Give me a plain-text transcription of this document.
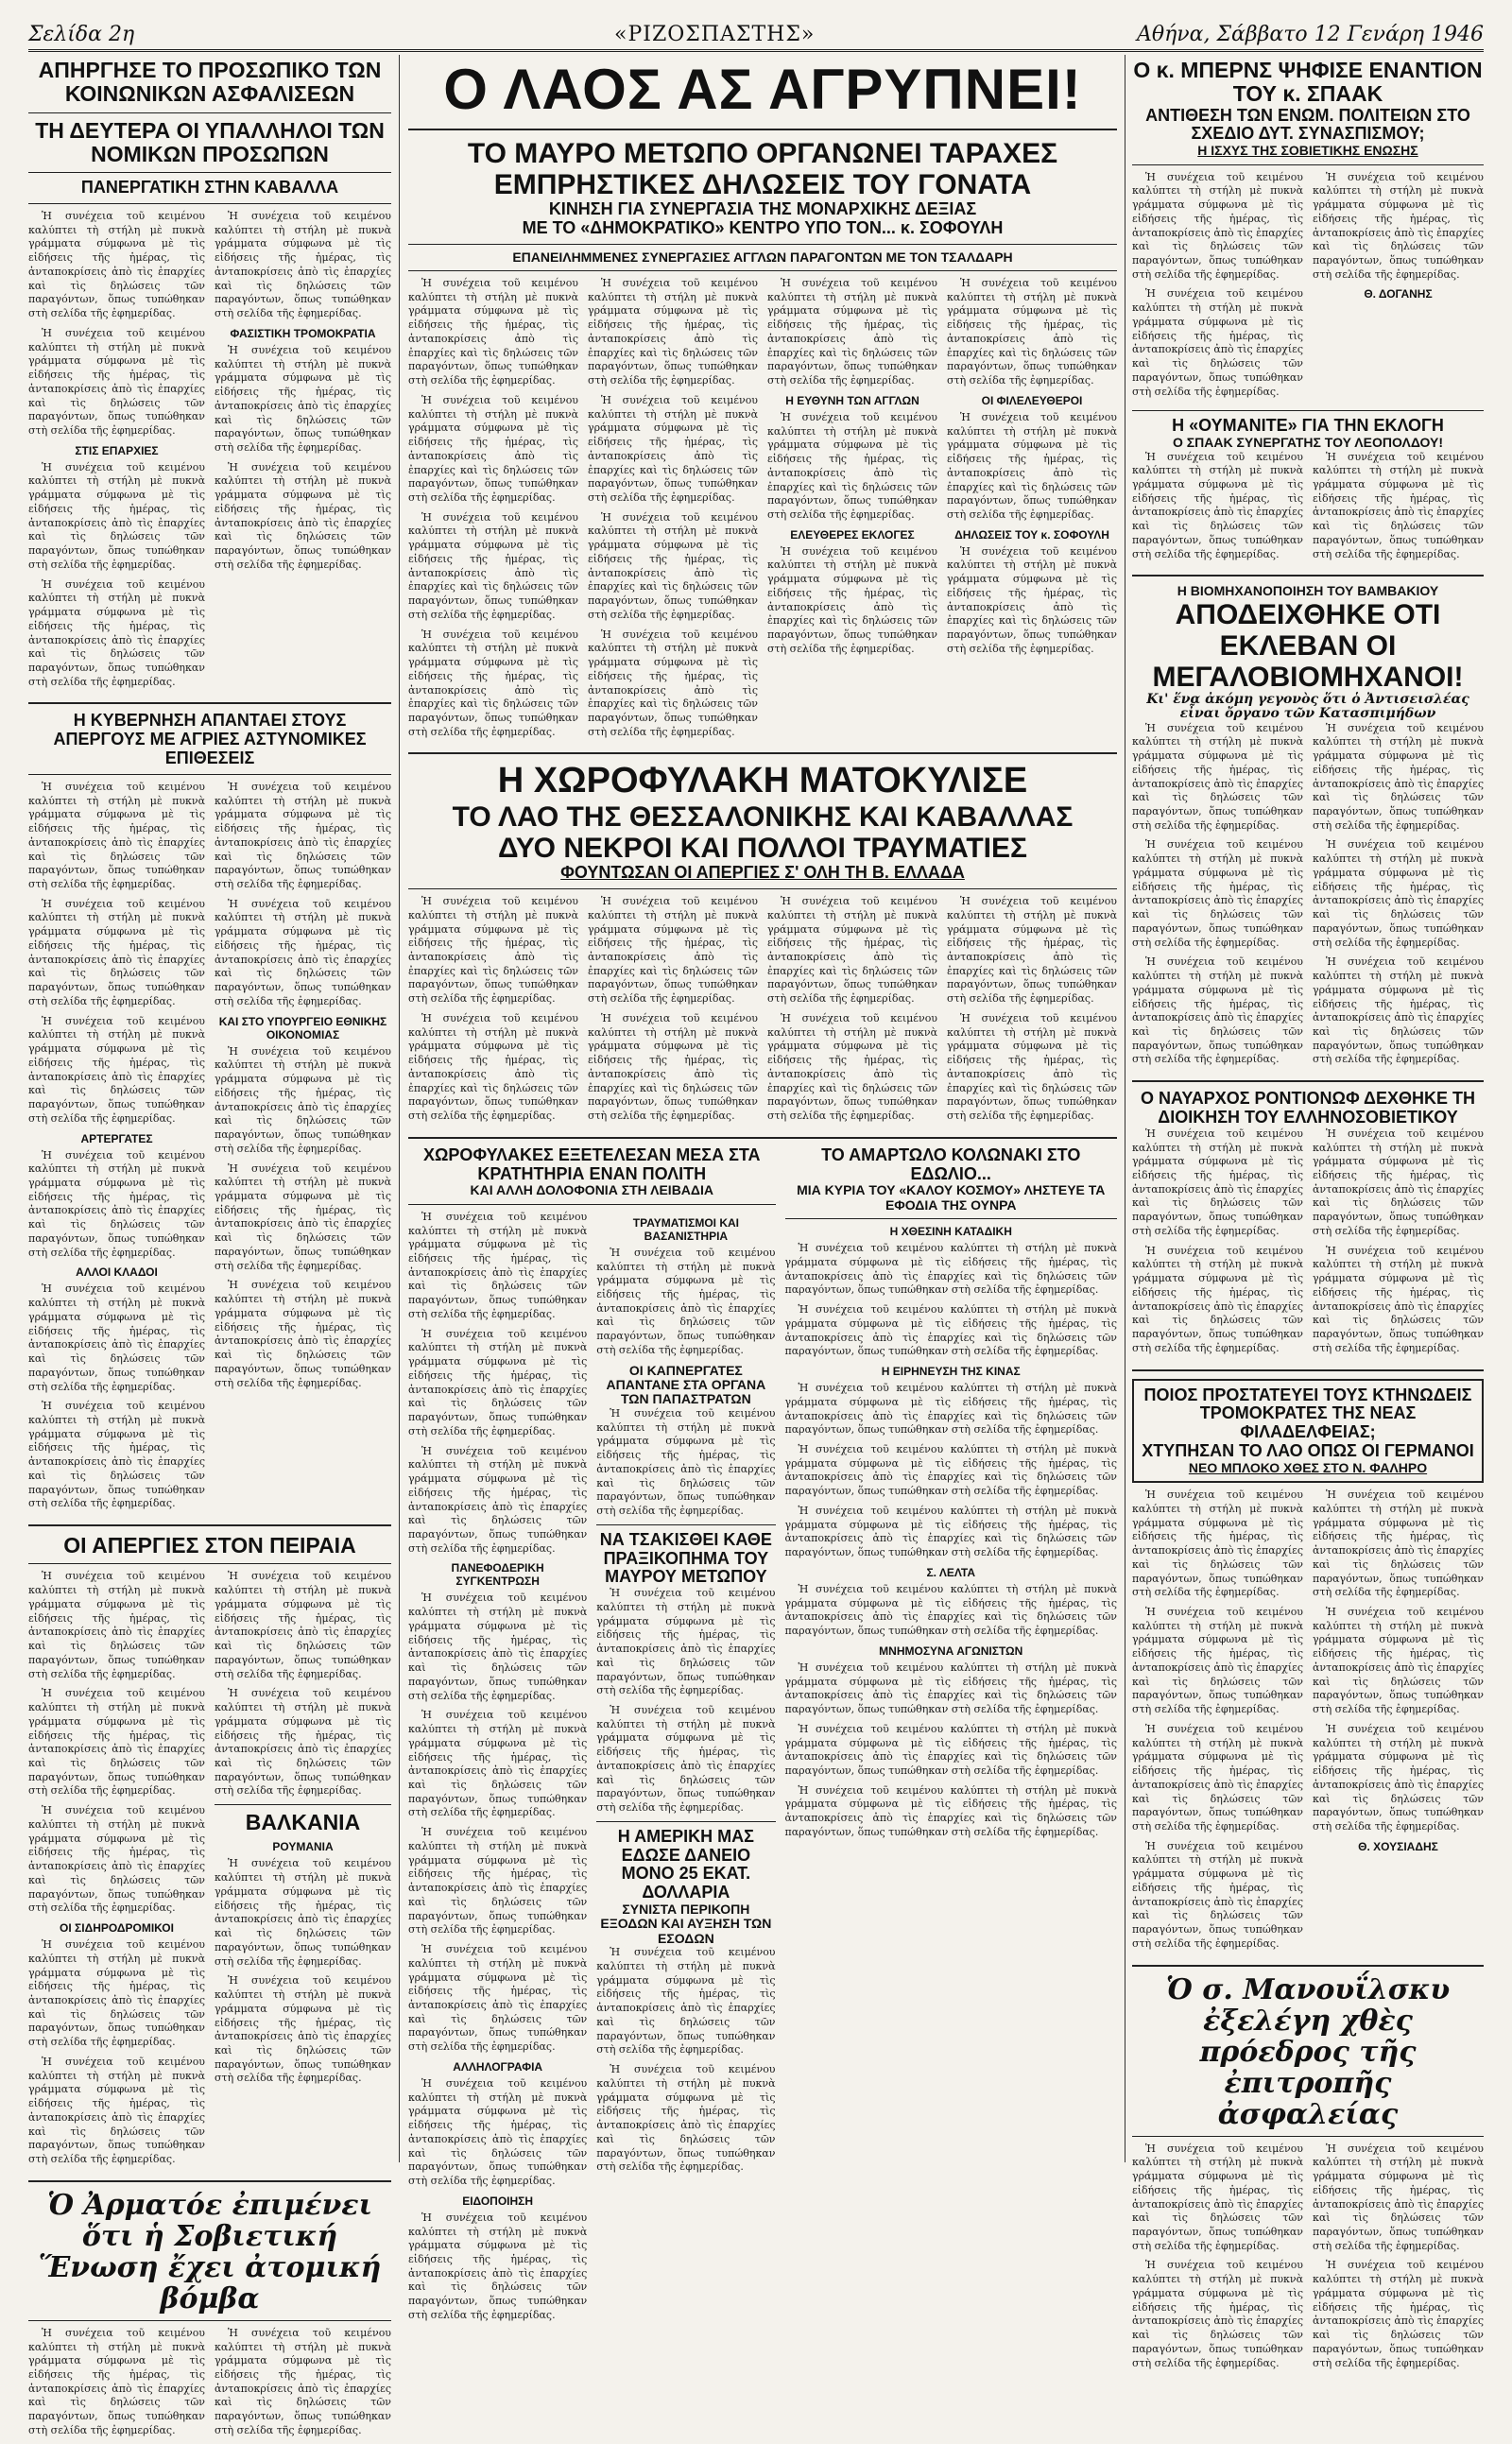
Σελίδα 2η	«ΡΙΖΟΣΠΑΣΤΗΣ»	Αθήνα, Σάββατο 12 Γενάρη 1946
ΑΠΗΡΓΗΣΕ ΤΟ ΠΡΟΣΩΠΙΚΟ ΤΩΝ ΚΟΙΝΩΝΙΚΩΝ ΑΣΦΑΛΙΣΕΩΝ
ΤΗ ΔΕΥΤΕΡΑ ΟΙ ΥΠΑΛΛΗΛΟΙ ΤΩΝ ΝΟΜΙΚΩΝ ΠΡΟΣΩΠΩΝ
ΠΑΝΕΡΓΑΤΙΚΗ ΣΤΗΝ ΚΑΒΑΛΛΑ

Ἡ συνέχεια τοῦ κειμένου καλύπτει τὴ στήλη μὲ πυκνὰ γράμματα σύμφωνα μὲ τὶς εἰδήσεις τῆς ἡμέρας, τὶς ἀνταποκρίσεις ἀπὸ τὶς ἐπαρχίες καὶ τὶς δηλώσεις τῶν παραγόντων, ὅπως τυπώθηκαν στὴ σελίδα τῆς ἐφημερίδας.

Ἡ συνέχεια τοῦ κειμένου καλύπτει τὴ στήλη μὲ πυκνὰ γράμματα σύμφωνα μὲ τὶς εἰδήσεις τῆς ἡμέρας, τὶς ἀνταποκρίσεις ἀπὸ τὶς ἐπαρχίες καὶ τὶς δηλώσεις τῶν παραγόντων, ὅπως τυπώθηκαν στὴ σελίδα τῆς ἐφημερίδας.

ΣΤΙΣ ΕΠΑΡΧΙΕΣ

Ἡ συνέχεια τοῦ κειμένου καλύπτει τὴ στήλη μὲ πυκνὰ γράμματα σύμφωνα μὲ τὶς εἰδήσεις τῆς ἡμέρας, τὶς ἀνταποκρίσεις ἀπὸ τὶς ἐπαρχίες καὶ τὶς δηλώσεις τῶν παραγόντων, ὅπως τυπώθηκαν στὴ σελίδα τῆς ἐφημερίδας.

Ἡ συνέχεια τοῦ κειμένου καλύπτει τὴ στήλη μὲ πυκνὰ γράμματα σύμφωνα μὲ τὶς εἰδήσεις τῆς ἡμέρας, τὶς ἀνταποκρίσεις ἀπὸ τὶς ἐπαρχίες καὶ τὶς δηλώσεις τῶν παραγόντων, ὅπως τυπώθηκαν στὴ σελίδα τῆς ἐφημερίδας.

Ἡ συνέχεια τοῦ κειμένου καλύπτει τὴ στήλη μὲ πυκνὰ γράμματα σύμφωνα μὲ τὶς εἰδήσεις τῆς ἡμέρας, τὶς ἀνταποκρίσεις ἀπὸ τὶς ἐπαρχίες καὶ τὶς δηλώσεις τῶν παραγόντων, ὅπως τυπώθηκαν στὴ σελίδα τῆς ἐφημερίδας.

ΦΑΣΙΣΤΙΚΗ ΤΡΟΜΟΚΡΑΤΙΑ

Ἡ συνέχεια τοῦ κειμένου καλύπτει τὴ στήλη μὲ πυκνὰ γράμματα σύμφωνα μὲ τὶς εἰδήσεις τῆς ἡμέρας, τὶς ἀνταποκρίσεις ἀπὸ τὶς ἐπαρχίες καὶ τὶς δηλώσεις τῶν παραγόντων, ὅπως τυπώθηκαν στὴ σελίδα τῆς ἐφημερίδας.

Ἡ συνέχεια τοῦ κειμένου καλύπτει τὴ στήλη μὲ πυκνὰ γράμματα σύμφωνα μὲ τὶς εἰδήσεις τῆς ἡμέρας, τὶς ἀνταποκρίσεις ἀπὸ τὶς ἐπαρχίες καὶ τὶς δηλώσεις τῶν παραγόντων, ὅπως τυπώθηκαν στὴ σελίδα τῆς ἐφημερίδας.

Η ΚΥΒΕΡΝΗΣΗ ΑΠΑΝΤΑΕΙ ΣΤΟΥΣ ΑΠΕΡΓΟΥΣ ΜΕ ΑΓΡΙΕΣ ΑΣΤΥΝΟΜΙΚΕΣ ΕΠΙΘΕΣΕΙΣ

Ἡ συνέχεια τοῦ κειμένου καλύπτει τὴ στήλη μὲ πυκνὰ γράμματα σύμφωνα μὲ τὶς εἰδήσεις τῆς ἡμέρας, τὶς ἀνταποκρίσεις ἀπὸ τὶς ἐπαρχίες καὶ τὶς δηλώσεις τῶν παραγόντων, ὅπως τυπώθηκαν στὴ σελίδα τῆς ἐφημερίδας.

Ἡ συνέχεια τοῦ κειμένου καλύπτει τὴ στήλη μὲ πυκνὰ γράμματα σύμφωνα μὲ τὶς εἰδήσεις τῆς ἡμέρας, τὶς ἀνταποκρίσεις ἀπὸ τὶς ἐπαρχίες καὶ τὶς δηλώσεις τῶν παραγόντων, ὅπως τυπώθηκαν στὴ σελίδα τῆς ἐφημερίδας.

Ἡ συνέχεια τοῦ κειμένου καλύπτει τὴ στήλη μὲ πυκνὰ γράμματα σύμφωνα μὲ τὶς εἰδήσεις τῆς ἡμέρας, τὶς ἀνταποκρίσεις ἀπὸ τὶς ἐπαρχίες καὶ τὶς δηλώσεις τῶν παραγόντων, ὅπως τυπώθηκαν στὴ σελίδα τῆς ἐφημερίδας.

ΑΡΤΕΡΓΑΤΕΣ

Ἡ συνέχεια τοῦ κειμένου καλύπτει τὴ στήλη μὲ πυκνὰ γράμματα σύμφωνα μὲ τὶς εἰδήσεις τῆς ἡμέρας, τὶς ἀνταποκρίσεις ἀπὸ τὶς ἐπαρχίες καὶ τὶς δηλώσεις τῶν παραγόντων, ὅπως τυπώθηκαν στὴ σελίδα τῆς ἐφημερίδας.

ΑΛΛΟΙ ΚΛΑΔΟΙ

Ἡ συνέχεια τοῦ κειμένου καλύπτει τὴ στήλη μὲ πυκνὰ γράμματα σύμφωνα μὲ τὶς εἰδήσεις τῆς ἡμέρας, τὶς ἀνταποκρίσεις ἀπὸ τὶς ἐπαρχίες καὶ τὶς δηλώσεις τῶν παραγόντων, ὅπως τυπώθηκαν στὴ σελίδα τῆς ἐφημερίδας.

Ἡ συνέχεια τοῦ κειμένου καλύπτει τὴ στήλη μὲ πυκνὰ γράμματα σύμφωνα μὲ τὶς εἰδήσεις τῆς ἡμέρας, τὶς ἀνταποκρίσεις ἀπὸ τὶς ἐπαρχίες καὶ τὶς δηλώσεις τῶν παραγόντων, ὅπως τυπώθηκαν στὴ σελίδα τῆς ἐφημερίδας.

Ἡ συνέχεια τοῦ κειμένου καλύπτει τὴ στήλη μὲ πυκνὰ γράμματα σύμφωνα μὲ τὶς εἰδήσεις τῆς ἡμέρας, τὶς ἀνταποκρίσεις ἀπὸ τὶς ἐπαρχίες καὶ τὶς δηλώσεις τῶν παραγόντων, ὅπως τυπώθηκαν στὴ σελίδα τῆς ἐφημερίδας.

Ἡ συνέχεια τοῦ κειμένου καλύπτει τὴ στήλη μὲ πυκνὰ γράμματα σύμφωνα μὲ τὶς εἰδήσεις τῆς ἡμέρας, τὶς ἀνταποκρίσεις ἀπὸ τὶς ἐπαρχίες καὶ τὶς δηλώσεις τῶν παραγόντων, ὅπως τυπώθηκαν στὴ σελίδα τῆς ἐφημερίδας.

ΚΑΙ ΣΤΟ ΥΠΟΥΡΓΕΙΟ ΕΘΝΙΚΗΣ ΟΙΚΟΝΟΜΙΑΣ

Ἡ συνέχεια τοῦ κειμένου καλύπτει τὴ στήλη μὲ πυκνὰ γράμματα σύμφωνα μὲ τὶς εἰδήσεις τῆς ἡμέρας, τὶς ἀνταποκρίσεις ἀπὸ τὶς ἐπαρχίες καὶ τὶς δηλώσεις τῶν παραγόντων, ὅπως τυπώθηκαν στὴ σελίδα τῆς ἐφημερίδας.

Ἡ συνέχεια τοῦ κειμένου καλύπτει τὴ στήλη μὲ πυκνὰ γράμματα σύμφωνα μὲ τὶς εἰδήσεις τῆς ἡμέρας, τὶς ἀνταποκρίσεις ἀπὸ τὶς ἐπαρχίες καὶ τὶς δηλώσεις τῶν παραγόντων, ὅπως τυπώθηκαν στὴ σελίδα τῆς ἐφημερίδας.

Ἡ συνέχεια τοῦ κειμένου καλύπτει τὴ στήλη μὲ πυκνὰ γράμματα σύμφωνα μὲ τὶς εἰδήσεις τῆς ἡμέρας, τὶς ἀνταποκρίσεις ἀπὸ τὶς ἐπαρχίες καὶ τὶς δηλώσεις τῶν παραγόντων, ὅπως τυπώθηκαν στὴ σελίδα τῆς ἐφημερίδας.

ΟΙ ΑΠΕΡΓΙΕΣ ΣΤΟΝ ΠΕΙΡΑΙΑ

Ἡ συνέχεια τοῦ κειμένου καλύπτει τὴ στήλη μὲ πυκνὰ γράμματα σύμφωνα μὲ τὶς εἰδήσεις τῆς ἡμέρας, τὶς ἀνταποκρίσεις ἀπὸ τὶς ἐπαρχίες καὶ τὶς δηλώσεις τῶν παραγόντων, ὅπως τυπώθηκαν στὴ σελίδα τῆς ἐφημερίδας.

Ἡ συνέχεια τοῦ κειμένου καλύπτει τὴ στήλη μὲ πυκνὰ γράμματα σύμφωνα μὲ τὶς εἰδήσεις τῆς ἡμέρας, τὶς ἀνταποκρίσεις ἀπὸ τὶς ἐπαρχίες καὶ τὶς δηλώσεις τῶν παραγόντων, ὅπως τυπώθηκαν στὴ σελίδα τῆς ἐφημερίδας.

Ἡ συνέχεια τοῦ κειμένου καλύπτει τὴ στήλη μὲ πυκνὰ γράμματα σύμφωνα μὲ τὶς εἰδήσεις τῆς ἡμέρας, τὶς ἀνταποκρίσεις ἀπὸ τὶς ἐπαρχίες καὶ τὶς δηλώσεις τῶν παραγόντων, ὅπως τυπώθηκαν στὴ σελίδα τῆς ἐφημερίδας.

ΟΙ ΣΙΔΗΡΟΔΡΟΜΙΚΟΙ

Ἡ συνέχεια τοῦ κειμένου καλύπτει τὴ στήλη μὲ πυκνὰ γράμματα σύμφωνα μὲ τὶς εἰδήσεις τῆς ἡμέρας, τὶς ἀνταποκρίσεις ἀπὸ τὶς ἐπαρχίες καὶ τὶς δηλώσεις τῶν παραγόντων, ὅπως τυπώθηκαν στὴ σελίδα τῆς ἐφημερίδας.

Ἡ συνέχεια τοῦ κειμένου καλύπτει τὴ στήλη μὲ πυκνὰ γράμματα σύμφωνα μὲ τὶς εἰδήσεις τῆς ἡμέρας, τὶς ἀνταποκρίσεις ἀπὸ τὶς ἐπαρχίες καὶ τὶς δηλώσεις τῶν παραγόντων, ὅπως τυπώθηκαν στὴ σελίδα τῆς ἐφημερίδας.

Ἡ συνέχεια τοῦ κειμένου καλύπτει τὴ στήλη μὲ πυκνὰ γράμματα σύμφωνα μὲ τὶς εἰδήσεις τῆς ἡμέρας, τὶς ἀνταποκρίσεις ἀπὸ τὶς ἐπαρχίες καὶ τὶς δηλώσεις τῶν παραγόντων, ὅπως τυπώθηκαν στὴ σελίδα τῆς ἐφημερίδας.

Ἡ συνέχεια τοῦ κειμένου καλύπτει τὴ στήλη μὲ πυκνὰ γράμματα σύμφωνα μὲ τὶς εἰδήσεις τῆς ἡμέρας, τὶς ἀνταποκρίσεις ἀπὸ τὶς ἐπαρχίες καὶ τὶς δηλώσεις τῶν παραγόντων, ὅπως τυπώθηκαν στὴ σελίδα τῆς ἐφημερίδας.

ΒΑΛΚΑΝΙΑ
ΡΟΥΜΑΝΙΑ

Ἡ συνέχεια τοῦ κειμένου καλύπτει τὴ στήλη μὲ πυκνὰ γράμματα σύμφωνα μὲ τὶς εἰδήσεις τῆς ἡμέρας, τὶς ἀνταποκρίσεις ἀπὸ τὶς ἐπαρχίες καὶ τὶς δηλώσεις τῶν παραγόντων, ὅπως τυπώθηκαν στὴ σελίδα τῆς ἐφημερίδας.

Ἡ συνέχεια τοῦ κειμένου καλύπτει τὴ στήλη μὲ πυκνὰ γράμματα σύμφωνα μὲ τὶς εἰδήσεις τῆς ἡμέρας, τὶς ἀνταποκρίσεις ἀπὸ τὶς ἐπαρχίες καὶ τὶς δηλώσεις τῶν παραγόντων, ὅπως τυπώθηκαν στὴ σελίδα τῆς ἐφημερίδας.

Ὁ Ἀρματόε ἐπιμένει ὅτι ἡ Σοβιετική Ἕνωση ἔχει ἀτομική βόμβα

Ἡ συνέχεια τοῦ κειμένου καλύπτει τὴ στήλη μὲ πυκνὰ γράμματα σύμφωνα μὲ τὶς εἰδήσεις τῆς ἡμέρας, τὶς ἀνταποκρίσεις ἀπὸ τὶς ἐπαρχίες καὶ τὶς δηλώσεις τῶν παραγόντων, ὅπως τυπώθηκαν στὴ σελίδα τῆς ἐφημερίδας.

Ἡ συνέχεια τοῦ κειμένου καλύπτει τὴ στήλη μὲ πυκνὰ γράμματα σύμφωνα μὲ τὶς εἰδήσεις τῆς ἡμέρας, τὶς ἀνταποκρίσεις ἀπὸ τὶς ἐπαρχίες καὶ τὶς δηλώσεις τῶν παραγόντων, ὅπως τυπώθηκαν στὴ σελίδα τῆς ἐφημερίδας.

Ο ΛΑΟΣ ΑΣ ΑΓΡΥΠΝΕΙ!
ΤΟ ΜΑΥΡΟ ΜΕΤΩΠΟ ΟΡΓΑΝΩΝΕΙ ΤΑΡΑΧΕΣ
ΕΜΠΡΗΣΤΙΚΕΣ ΔΗΛΩΣΕΙΣ ΤΟΥ ΓΟΝΑΤΑ
ΚΙΝΗΣΗ ΓΙΑ ΣΥΝΕΡΓΑΣΙΑ ΤΗΣ ΜΟΝΑΡΧΙΚΗΣ ΔΕΞΙΑΣ
ΜΕ ΤΟ «ΔΗΜΟΚΡΑΤΙΚΟ» ΚΕΝΤΡΟ ΥΠΟ ΤΟΝ... κ. ΣΟΦΟΥΛΗ
ΕΠΑΝΕΙΛΗΜΜΕΝΕΣ ΣΥΝΕΡΓΑΣΙΕΣ ΑΓΓΛΩΝ ΠΑΡΑΓΟΝΤΩΝ ΜΕ ΤΟΝ ΤΣΑΛΔΑΡΗ

Ἡ συνέχεια τοῦ κειμένου καλύπτει τὴ στήλη μὲ πυκνὰ γράμματα σύμφωνα μὲ τὶς εἰδήσεις τῆς ἡμέρας, τὶς ἀνταποκρίσεις ἀπὸ τὶς ἐπαρχίες καὶ τὶς δηλώσεις τῶν παραγόντων, ὅπως τυπώθηκαν στὴ σελίδα τῆς ἐφημερίδας.

Ἡ συνέχεια τοῦ κειμένου καλύπτει τὴ στήλη μὲ πυκνὰ γράμματα σύμφωνα μὲ τὶς εἰδήσεις τῆς ἡμέρας, τὶς ἀνταποκρίσεις ἀπὸ τὶς ἐπαρχίες καὶ τὶς δηλώσεις τῶν παραγόντων, ὅπως τυπώθηκαν στὴ σελίδα τῆς ἐφημερίδας.

Ἡ συνέχεια τοῦ κειμένου καλύπτει τὴ στήλη μὲ πυκνὰ γράμματα σύμφωνα μὲ τὶς εἰδήσεις τῆς ἡμέρας, τὶς ἀνταποκρίσεις ἀπὸ τὶς ἐπαρχίες καὶ τὶς δηλώσεις τῶν παραγόντων, ὅπως τυπώθηκαν στὴ σελίδα τῆς ἐφημερίδας.

Ἡ συνέχεια τοῦ κειμένου καλύπτει τὴ στήλη μὲ πυκνὰ γράμματα σύμφωνα μὲ τὶς εἰδήσεις τῆς ἡμέρας, τὶς ἀνταποκρίσεις ἀπὸ τὶς ἐπαρχίες καὶ τὶς δηλώσεις τῶν παραγόντων, ὅπως τυπώθηκαν στὴ σελίδα τῆς ἐφημερίδας.

Ἡ συνέχεια τοῦ κειμένου καλύπτει τὴ στήλη μὲ πυκνὰ γράμματα σύμφωνα μὲ τὶς εἰδήσεις τῆς ἡμέρας, τὶς ἀνταποκρίσεις ἀπὸ τὶς ἐπαρχίες καὶ τὶς δηλώσεις τῶν παραγόντων, ὅπως τυπώθηκαν στὴ σελίδα τῆς ἐφημερίδας.

Ἡ συνέχεια τοῦ κειμένου καλύπτει τὴ στήλη μὲ πυκνὰ γράμματα σύμφωνα μὲ τὶς εἰδήσεις τῆς ἡμέρας, τὶς ἀνταποκρίσεις ἀπὸ τὶς ἐπαρχίες καὶ τὶς δηλώσεις τῶν παραγόντων, ὅπως τυπώθηκαν στὴ σελίδα τῆς ἐφημερίδας.

Ἡ συνέχεια τοῦ κειμένου καλύπτει τὴ στήλη μὲ πυκνὰ γράμματα σύμφωνα μὲ τὶς εἰδήσεις τῆς ἡμέρας, τὶς ἀνταποκρίσεις ἀπὸ τὶς ἐπαρχίες καὶ τὶς δηλώσεις τῶν παραγόντων, ὅπως τυπώθηκαν στὴ σελίδα τῆς ἐφημερίδας.

Ἡ συνέχεια τοῦ κειμένου καλύπτει τὴ στήλη μὲ πυκνὰ γράμματα σύμφωνα μὲ τὶς εἰδήσεις τῆς ἡμέρας, τὶς ἀνταποκρίσεις ἀπὸ τὶς ἐπαρχίες καὶ τὶς δηλώσεις τῶν παραγόντων, ὅπως τυπώθηκαν στὴ σελίδα τῆς ἐφημερίδας.

Ἡ συνέχεια τοῦ κειμένου καλύπτει τὴ στήλη μὲ πυκνὰ γράμματα σύμφωνα μὲ τὶς εἰδήσεις τῆς ἡμέρας, τὶς ἀνταποκρίσεις ἀπὸ τὶς ἐπαρχίες καὶ τὶς δηλώσεις τῶν παραγόντων, ὅπως τυπώθηκαν στὴ σελίδα τῆς ἐφημερίδας.

Η ΕΥΘΥΝΗ ΤΩΝ ΑΓΓΛΩΝ

Ἡ συνέχεια τοῦ κειμένου καλύπτει τὴ στήλη μὲ πυκνὰ γράμματα σύμφωνα μὲ τὶς εἰδήσεις τῆς ἡμέρας, τὶς ἀνταποκρίσεις ἀπὸ τὶς ἐπαρχίες καὶ τὶς δηλώσεις τῶν παραγόντων, ὅπως τυπώθηκαν στὴ σελίδα τῆς ἐφημερίδας.

ΕΛΕΥΘΕΡΕΣ ΕΚΛΟΓΕΣ

Ἡ συνέχεια τοῦ κειμένου καλύπτει τὴ στήλη μὲ πυκνὰ γράμματα σύμφωνα μὲ τὶς εἰδήσεις τῆς ἡμέρας, τὶς ἀνταποκρίσεις ἀπὸ τὶς ἐπαρχίες καὶ τὶς δηλώσεις τῶν παραγόντων, ὅπως τυπώθηκαν στὴ σελίδα τῆς ἐφημερίδας.

Ἡ συνέχεια τοῦ κειμένου καλύπτει τὴ στήλη μὲ πυκνὰ γράμματα σύμφωνα μὲ τὶς εἰδήσεις τῆς ἡμέρας, τὶς ἀνταποκρίσεις ἀπὸ τὶς ἐπαρχίες καὶ τὶς δηλώσεις τῶν παραγόντων, ὅπως τυπώθηκαν στὴ σελίδα τῆς ἐφημερίδας.

ΟΙ ΦΙΛΕΛΕΥΘΕΡΟΙ

Ἡ συνέχεια τοῦ κειμένου καλύπτει τὴ στήλη μὲ πυκνὰ γράμματα σύμφωνα μὲ τὶς εἰδήσεις τῆς ἡμέρας, τὶς ἀνταποκρίσεις ἀπὸ τὶς ἐπαρχίες καὶ τὶς δηλώσεις τῶν παραγόντων, ὅπως τυπώθηκαν στὴ σελίδα τῆς ἐφημερίδας.

ΔΗΛΩΣΕΙΣ ΤΟΥ κ. ΣΟΦΟΥΛΗ

Ἡ συνέχεια τοῦ κειμένου καλύπτει τὴ στήλη μὲ πυκνὰ γράμματα σύμφωνα μὲ τὶς εἰδήσεις τῆς ἡμέρας, τὶς ἀνταποκρίσεις ἀπὸ τὶς ἐπαρχίες καὶ τὶς δηλώσεις τῶν παραγόντων, ὅπως τυπώθηκαν στὴ σελίδα τῆς ἐφημερίδας.

Η ΧΩΡΟΦΥΛΑΚΗ ΜΑΤΟΚΥΛΙΣΕ
ΤΟ ΛΑΟ ΤΗΣ ΘΕΣΣΑΛΟΝΙΚΗΣ ΚΑΙ ΚΑΒΑΛΛΑΣ
ΔΥΟ ΝΕΚΡΟΙ ΚΑΙ ΠΟΛΛΟΙ ΤΡΑΥΜΑΤΙΕΣ
ΦΟΥΝΤΩΣΑΝ ΟΙ ΑΠΕΡΓΙΕΣ Σ' ΟΛΗ ΤΗ Β. ΕΛΛΑΔΑ

Ἡ συνέχεια τοῦ κειμένου καλύπτει τὴ στήλη μὲ πυκνὰ γράμματα σύμφωνα μὲ τὶς εἰδήσεις τῆς ἡμέρας, τὶς ἀνταποκρίσεις ἀπὸ τὶς ἐπαρχίες καὶ τὶς δηλώσεις τῶν παραγόντων, ὅπως τυπώθηκαν στὴ σελίδα τῆς ἐφημερίδας.

Ἡ συνέχεια τοῦ κειμένου καλύπτει τὴ στήλη μὲ πυκνὰ γράμματα σύμφωνα μὲ τὶς εἰδήσεις τῆς ἡμέρας, τὶς ἀνταποκρίσεις ἀπὸ τὶς ἐπαρχίες καὶ τὶς δηλώσεις τῶν παραγόντων, ὅπως τυπώθηκαν στὴ σελίδα τῆς ἐφημερίδας.

Ἡ συνέχεια τοῦ κειμένου καλύπτει τὴ στήλη μὲ πυκνὰ γράμματα σύμφωνα μὲ τὶς εἰδήσεις τῆς ἡμέρας, τὶς ἀνταποκρίσεις ἀπὸ τὶς ἐπαρχίες καὶ τὶς δηλώσεις τῶν παραγόντων, ὅπως τυπώθηκαν στὴ σελίδα τῆς ἐφημερίδας.

Ἡ συνέχεια τοῦ κειμένου καλύπτει τὴ στήλη μὲ πυκνὰ γράμματα σύμφωνα μὲ τὶς εἰδήσεις τῆς ἡμέρας, τὶς ἀνταποκρίσεις ἀπὸ τὶς ἐπαρχίες καὶ τὶς δηλώσεις τῶν παραγόντων, ὅπως τυπώθηκαν στὴ σελίδα τῆς ἐφημερίδας.

Ἡ συνέχεια τοῦ κειμένου καλύπτει τὴ στήλη μὲ πυκνὰ γράμματα σύμφωνα μὲ τὶς εἰδήσεις τῆς ἡμέρας, τὶς ἀνταποκρίσεις ἀπὸ τὶς ἐπαρχίες καὶ τὶς δηλώσεις τῶν παραγόντων, ὅπως τυπώθηκαν στὴ σελίδα τῆς ἐφημερίδας.

Ἡ συνέχεια τοῦ κειμένου καλύπτει τὴ στήλη μὲ πυκνὰ γράμματα σύμφωνα μὲ τὶς εἰδήσεις τῆς ἡμέρας, τὶς ἀνταποκρίσεις ἀπὸ τὶς ἐπαρχίες καὶ τὶς δηλώσεις τῶν παραγόντων, ὅπως τυπώθηκαν στὴ σελίδα τῆς ἐφημερίδας.

Ἡ συνέχεια τοῦ κειμένου καλύπτει τὴ στήλη μὲ πυκνὰ γράμματα σύμφωνα μὲ τὶς εἰδήσεις τῆς ἡμέρας, τὶς ἀνταποκρίσεις ἀπὸ τὶς ἐπαρχίες καὶ τὶς δηλώσεις τῶν παραγόντων, ὅπως τυπώθηκαν στὴ σελίδα τῆς ἐφημερίδας.

Ἡ συνέχεια τοῦ κειμένου καλύπτει τὴ στήλη μὲ πυκνὰ γράμματα σύμφωνα μὲ τὶς εἰδήσεις τῆς ἡμέρας, τὶς ἀνταποκρίσεις ἀπὸ τὶς ἐπαρχίες καὶ τὶς δηλώσεις τῶν παραγόντων, ὅπως τυπώθηκαν στὴ σελίδα τῆς ἐφημερίδας.

ΧΩΡΟΦΥΛΑΚΕΣ ΕΞΕΤΕΛΕΣΑΝ ΜΕΣΑ ΣΤΑ ΚΡΑΤΗΤΗΡΙΑ ΕΝΑΝ ΠΟΛΙΤΗ
ΚΑΙ ΑΛΛΗ ΔΟΛΟΦΟΝΙΑ ΣΤΗ ΛΕΙΒΑΔΙΑ

Ἡ συνέχεια τοῦ κειμένου καλύπτει τὴ στήλη μὲ πυκνὰ γράμματα σύμφωνα μὲ τὶς εἰδήσεις τῆς ἡμέρας, τὶς ἀνταποκρίσεις ἀπὸ τὶς ἐπαρχίες καὶ τὶς δηλώσεις τῶν παραγόντων, ὅπως τυπώθηκαν στὴ σελίδα τῆς ἐφημερίδας.

Ἡ συνέχεια τοῦ κειμένου καλύπτει τὴ στήλη μὲ πυκνὰ γράμματα σύμφωνα μὲ τὶς εἰδήσεις τῆς ἡμέρας, τὶς ἀνταποκρίσεις ἀπὸ τὶς ἐπαρχίες καὶ τὶς δηλώσεις τῶν παραγόντων, ὅπως τυπώθηκαν στὴ σελίδα τῆς ἐφημερίδας.

Ἡ συνέχεια τοῦ κειμένου καλύπτει τὴ στήλη μὲ πυκνὰ γράμματα σύμφωνα μὲ τὶς εἰδήσεις τῆς ἡμέρας, τὶς ἀνταποκρίσεις ἀπὸ τὶς ἐπαρχίες καὶ τὶς δηλώσεις τῶν παραγόντων, ὅπως τυπώθηκαν στὴ σελίδα τῆς ἐφημερίδας.

ΠΑΝΕΦΟΔΕΡΙΚΗ ΣΥΓΚΕΝΤΡΩΣΗ

Ἡ συνέχεια τοῦ κειμένου καλύπτει τὴ στήλη μὲ πυκνὰ γράμματα σύμφωνα μὲ τὶς εἰδήσεις τῆς ἡμέρας, τὶς ἀνταποκρίσεις ἀπὸ τὶς ἐπαρχίες καὶ τὶς δηλώσεις τῶν παραγόντων, ὅπως τυπώθηκαν στὴ σελίδα τῆς ἐφημερίδας.

Ἡ συνέχεια τοῦ κειμένου καλύπτει τὴ στήλη μὲ πυκνὰ γράμματα σύμφωνα μὲ τὶς εἰδήσεις τῆς ἡμέρας, τὶς ἀνταποκρίσεις ἀπὸ τὶς ἐπαρχίες καὶ τὶς δηλώσεις τῶν παραγόντων, ὅπως τυπώθηκαν στὴ σελίδα τῆς ἐφημερίδας.

Ἡ συνέχεια τοῦ κειμένου καλύπτει τὴ στήλη μὲ πυκνὰ γράμματα σύμφωνα μὲ τὶς εἰδήσεις τῆς ἡμέρας, τὶς ἀνταποκρίσεις ἀπὸ τὶς ἐπαρχίες καὶ τὶς δηλώσεις τῶν παραγόντων, ὅπως τυπώθηκαν στὴ σελίδα τῆς ἐφημερίδας.

Ἡ συνέχεια τοῦ κειμένου καλύπτει τὴ στήλη μὲ πυκνὰ γράμματα σύμφωνα μὲ τὶς εἰδήσεις τῆς ἡμέρας, τὶς ἀνταποκρίσεις ἀπὸ τὶς ἐπαρχίες καὶ τὶς δηλώσεις τῶν παραγόντων, ὅπως τυπώθηκαν στὴ σελίδα τῆς ἐφημερίδας.

ΑΛΛΗΛΟΓΡΑΦΙΑ

Ἡ συνέχεια τοῦ κειμένου καλύπτει τὴ στήλη μὲ πυκνὰ γράμματα σύμφωνα μὲ τὶς εἰδήσεις τῆς ἡμέρας, τὶς ἀνταποκρίσεις ἀπὸ τὶς ἐπαρχίες καὶ τὶς δηλώσεις τῶν παραγόντων, ὅπως τυπώθηκαν στὴ σελίδα τῆς ἐφημερίδας.

ΕΙΔΟΠΟΙΗΣΗ

Ἡ συνέχεια τοῦ κειμένου καλύπτει τὴ στήλη μὲ πυκνὰ γράμματα σύμφωνα μὲ τὶς εἰδήσεις τῆς ἡμέρας, τὶς ἀνταποκρίσεις ἀπὸ τὶς ἐπαρχίες καὶ τὶς δηλώσεις τῶν παραγόντων, ὅπως τυπώθηκαν στὴ σελίδα τῆς ἐφημερίδας.

ΤΡΑΥΜΑΤΙΣΜΟΙ ΚΑΙ ΒΑΣΑΝΙΣΤΗΡΙΑ

Ἡ συνέχεια τοῦ κειμένου καλύπτει τὴ στήλη μὲ πυκνὰ γράμματα σύμφωνα μὲ τὶς εἰδήσεις τῆς ἡμέρας, τὶς ἀνταποκρίσεις ἀπὸ τὶς ἐπαρχίες καὶ τὶς δηλώσεις τῶν παραγόντων, ὅπως τυπώθηκαν στὴ σελίδα τῆς ἐφημερίδας.

ΟΙ ΚΑΠΝΕΡΓΑΤΕΣ ΑΠΑΝΤΑΝΕ ΣΤΑ ΟΡΓΑΝΑ ΤΩΝ ΠΑΠΑΣΤΡΑΤΩΝ

Ἡ συνέχεια τοῦ κειμένου καλύπτει τὴ στήλη μὲ πυκνὰ γράμματα σύμφωνα μὲ τὶς εἰδήσεις τῆς ἡμέρας, τὶς ἀνταποκρίσεις ἀπὸ τὶς ἐπαρχίες καὶ τὶς δηλώσεις τῶν παραγόντων, ὅπως τυπώθηκαν στὴ σελίδα τῆς ἐφημερίδας.

ΝΑ ΤΣΑΚΙΣΘΕΙ ΚΑΘΕ ΠΡΑΞΙΚΟΠΗΜΑ ΤΟΥ ΜΑΥΡΟΥ ΜΕΤΩΠΟΥ

Ἡ συνέχεια τοῦ κειμένου καλύπτει τὴ στήλη μὲ πυκνὰ γράμματα σύμφωνα μὲ τὶς εἰδήσεις τῆς ἡμέρας, τὶς ἀνταποκρίσεις ἀπὸ τὶς ἐπαρχίες καὶ τὶς δηλώσεις τῶν παραγόντων, ὅπως τυπώθηκαν στὴ σελίδα τῆς ἐφημερίδας.

Ἡ συνέχεια τοῦ κειμένου καλύπτει τὴ στήλη μὲ πυκνὰ γράμματα σύμφωνα μὲ τὶς εἰδήσεις τῆς ἡμέρας, τὶς ἀνταποκρίσεις ἀπὸ τὶς ἐπαρχίες καὶ τὶς δηλώσεις τῶν παραγόντων, ὅπως τυπώθηκαν στὴ σελίδα τῆς ἐφημερίδας.

Η ΑΜΕΡΙΚΗ ΜΑΣ ΕΔΩΣΕ ΔΑΝΕΙΟ ΜΟΝΟ 25 ΕΚΑΤ. ΔΟΛΛΑΡΙΑ
ΣΥΝΙΣΤΑ ΠΕΡΙΚΟΠΗ ΕΞΟΔΩΝ ΚΑΙ ΑΥΞΗΣΗ ΤΩΝ ΕΣΟΔΩΝ

Ἡ συνέχεια τοῦ κειμένου καλύπτει τὴ στήλη μὲ πυκνὰ γράμματα σύμφωνα μὲ τὶς εἰδήσεις τῆς ἡμέρας, τὶς ἀνταποκρίσεις ἀπὸ τὶς ἐπαρχίες καὶ τὶς δηλώσεις τῶν παραγόντων, ὅπως τυπώθηκαν στὴ σελίδα τῆς ἐφημερίδας.

Ἡ συνέχεια τοῦ κειμένου καλύπτει τὴ στήλη μὲ πυκνὰ γράμματα σύμφωνα μὲ τὶς εἰδήσεις τῆς ἡμέρας, τὶς ἀνταποκρίσεις ἀπὸ τὶς ἐπαρχίες καὶ τὶς δηλώσεις τῶν παραγόντων, ὅπως τυπώθηκαν στὴ σελίδα τῆς ἐφημερίδας.

ΤΟ ΑΜΑΡΤΩΛΟ ΚΟΛΩΝΑΚΙ ΣΤΟ ΕΔΩΛΙΟ...
ΜΙΑ ΚΥΡΙΑ ΤΟΥ «ΚΑΛΟΥ ΚΟΣΜΟΥ» ΛΗΣΤΕΥΕ ΤΑ ΕΦΟΔΙΑ ΤΗΣ ΟΥΝΡΑ
Η ΧΘΕΣΙΝΗ ΚΑΤΑΔΙΚΗ

Ἡ συνέχεια τοῦ κειμένου καλύπτει τὴ στήλη μὲ πυκνὰ γράμματα σύμφωνα μὲ τὶς εἰδήσεις τῆς ἡμέρας, τὶς ἀνταποκρίσεις ἀπὸ τὶς ἐπαρχίες καὶ τὶς δηλώσεις τῶν παραγόντων, ὅπως τυπώθηκαν στὴ σελίδα τῆς ἐφημερίδας.

Ἡ συνέχεια τοῦ κειμένου καλύπτει τὴ στήλη μὲ πυκνὰ γράμματα σύμφωνα μὲ τὶς εἰδήσεις τῆς ἡμέρας, τὶς ἀνταποκρίσεις ἀπὸ τὶς ἐπαρχίες καὶ τὶς δηλώσεις τῶν παραγόντων, ὅπως τυπώθηκαν στὴ σελίδα τῆς ἐφημερίδας.

Η ΕΙΡΗΝΕΥΣΗ ΤΗΣ ΚΙΝΑΣ

Ἡ συνέχεια τοῦ κειμένου καλύπτει τὴ στήλη μὲ πυκνὰ γράμματα σύμφωνα μὲ τὶς εἰδήσεις τῆς ἡμέρας, τὶς ἀνταποκρίσεις ἀπὸ τὶς ἐπαρχίες καὶ τὶς δηλώσεις τῶν παραγόντων, ὅπως τυπώθηκαν στὴ σελίδα τῆς ἐφημερίδας.

Ἡ συνέχεια τοῦ κειμένου καλύπτει τὴ στήλη μὲ πυκνὰ γράμματα σύμφωνα μὲ τὶς εἰδήσεις τῆς ἡμέρας, τὶς ἀνταποκρίσεις ἀπὸ τὶς ἐπαρχίες καὶ τὶς δηλώσεις τῶν παραγόντων, ὅπως τυπώθηκαν στὴ σελίδα τῆς ἐφημερίδας.

Ἡ συνέχεια τοῦ κειμένου καλύπτει τὴ στήλη μὲ πυκνὰ γράμματα σύμφωνα μὲ τὶς εἰδήσεις τῆς ἡμέρας, τὶς ἀνταποκρίσεις ἀπὸ τὶς ἐπαρχίες καὶ τὶς δηλώσεις τῶν παραγόντων, ὅπως τυπώθηκαν στὴ σελίδα τῆς ἐφημερίδας.

Σ. ΛΕΛΤΑ

Ἡ συνέχεια τοῦ κειμένου καλύπτει τὴ στήλη μὲ πυκνὰ γράμματα σύμφωνα μὲ τὶς εἰδήσεις τῆς ἡμέρας, τὶς ἀνταποκρίσεις ἀπὸ τὶς ἐπαρχίες καὶ τὶς δηλώσεις τῶν παραγόντων, ὅπως τυπώθηκαν στὴ σελίδα τῆς ἐφημερίδας.

ΜΝΗΜΟΣΥΝΑ ΑΓΩΝΙΣΤΩΝ

Ἡ συνέχεια τοῦ κειμένου καλύπτει τὴ στήλη μὲ πυκνὰ γράμματα σύμφωνα μὲ τὶς εἰδήσεις τῆς ἡμέρας, τὶς ἀνταποκρίσεις ἀπὸ τὶς ἐπαρχίες καὶ τὶς δηλώσεις τῶν παραγόντων, ὅπως τυπώθηκαν στὴ σελίδα τῆς ἐφημερίδας.

Ἡ συνέχεια τοῦ κειμένου καλύπτει τὴ στήλη μὲ πυκνὰ γράμματα σύμφωνα μὲ τὶς εἰδήσεις τῆς ἡμέρας, τὶς ἀνταποκρίσεις ἀπὸ τὶς ἐπαρχίες καὶ τὶς δηλώσεις τῶν παραγόντων, ὅπως τυπώθηκαν στὴ σελίδα τῆς ἐφημερίδας.

Ἡ συνέχεια τοῦ κειμένου καλύπτει τὴ στήλη μὲ πυκνὰ γράμματα σύμφωνα μὲ τὶς εἰδήσεις τῆς ἡμέρας, τὶς ἀνταποκρίσεις ἀπὸ τὶς ἐπαρχίες καὶ τὶς δηλώσεις τῶν παραγόντων, ὅπως τυπώθηκαν στὴ σελίδα τῆς ἐφημερίδας.

Ο κ. ΜΠΕΡΝΣ ΨΗΦΙΣΕ ΕΝΑΝΤΙΟΝ ΤΟΥ κ. ΣΠΑΑΚ
ΑΝΤΙΘΕΣΗ ΤΩΝ ΕΝΩΜ. ΠΟΛΙΤΕΙΩΝ ΣΤΟ ΣΧΕΔΙΟ ΔΥΤ. ΣΥΝΑΣΠΙΣΜΟΥ;
Η ΙΣΧΥΣ ΤΗΣ ΣΟΒΙΕΤΙΚΗΣ ΕΝΩΣΗΣ

Ἡ συνέχεια τοῦ κειμένου καλύπτει τὴ στήλη μὲ πυκνὰ γράμματα σύμφωνα μὲ τὶς εἰδήσεις τῆς ἡμέρας, τὶς ἀνταποκρίσεις ἀπὸ τὶς ἐπαρχίες καὶ τὶς δηλώσεις τῶν παραγόντων, ὅπως τυπώθηκαν στὴ σελίδα τῆς ἐφημερίδας.

Ἡ συνέχεια τοῦ κειμένου καλύπτει τὴ στήλη μὲ πυκνὰ γράμματα σύμφωνα μὲ τὶς εἰδήσεις τῆς ἡμέρας, τὶς ἀνταποκρίσεις ἀπὸ τὶς ἐπαρχίες καὶ τὶς δηλώσεις τῶν παραγόντων, ὅπως τυπώθηκαν στὴ σελίδα τῆς ἐφημερίδας.

Ἡ συνέχεια τοῦ κειμένου καλύπτει τὴ στήλη μὲ πυκνὰ γράμματα σύμφωνα μὲ τὶς εἰδήσεις τῆς ἡμέρας, τὶς ἀνταποκρίσεις ἀπὸ τὶς ἐπαρχίες καὶ τὶς δηλώσεις τῶν παραγόντων, ὅπως τυπώθηκαν στὴ σελίδα τῆς ἐφημερίδας.

Θ. ΔΟΓΑΝΗΣ
Η «ΟΥΜΑΝΙΤΕ» ΓΙΑ ΤΗΝ ΕΚΛΟΓΗ
Ο ΣΠΑΑΚ ΣΥΝΕΡΓΑΤΗΣ ΤΟΥ ΛΕΟΠΟΛΔΟΥ!

Ἡ συνέχεια τοῦ κειμένου καλύπτει τὴ στήλη μὲ πυκνὰ γράμματα σύμφωνα μὲ τὶς εἰδήσεις τῆς ἡμέρας, τὶς ἀνταποκρίσεις ἀπὸ τὶς ἐπαρχίες καὶ τὶς δηλώσεις τῶν παραγόντων, ὅπως τυπώθηκαν στὴ σελίδα τῆς ἐφημερίδας.

Ἡ συνέχεια τοῦ κειμένου καλύπτει τὴ στήλη μὲ πυκνὰ γράμματα σύμφωνα μὲ τὶς εἰδήσεις τῆς ἡμέρας, τὶς ἀνταποκρίσεις ἀπὸ τὶς ἐπαρχίες καὶ τὶς δηλώσεις τῶν παραγόντων, ὅπως τυπώθηκαν στὴ σελίδα τῆς ἐφημερίδας.

Η ΒΙΟΜΗΧΑΝΟΠΟΙΗΣΗ ΤΟΥ ΒΑΜΒΑΚΙΟΥ
ΑΠΟΔΕΙΧΘΗΚΕ ΟΤΙ ΕΚΛΕΒΑΝ ΟΙ ΜΕΓΑΛΟΒΙΟΜΗΧΑΝΟΙ!
Κι' ἕνα ἀκόμη γεγονὸς ὅτι ὁ Ἀντισεισλέας εἶναι ὄργανο τῶν Κατασπιμήδων

Ἡ συνέχεια τοῦ κειμένου καλύπτει τὴ στήλη μὲ πυκνὰ γράμματα σύμφωνα μὲ τὶς εἰδήσεις τῆς ἡμέρας, τὶς ἀνταποκρίσεις ἀπὸ τὶς ἐπαρχίες καὶ τὶς δηλώσεις τῶν παραγόντων, ὅπως τυπώθηκαν στὴ σελίδα τῆς ἐφημερίδας.

Ἡ συνέχεια τοῦ κειμένου καλύπτει τὴ στήλη μὲ πυκνὰ γράμματα σύμφωνα μὲ τὶς εἰδήσεις τῆς ἡμέρας, τὶς ἀνταποκρίσεις ἀπὸ τὶς ἐπαρχίες καὶ τὶς δηλώσεις τῶν παραγόντων, ὅπως τυπώθηκαν στὴ σελίδα τῆς ἐφημερίδας.

Ἡ συνέχεια τοῦ κειμένου καλύπτει τὴ στήλη μὲ πυκνὰ γράμματα σύμφωνα μὲ τὶς εἰδήσεις τῆς ἡμέρας, τὶς ἀνταποκρίσεις ἀπὸ τὶς ἐπαρχίες καὶ τὶς δηλώσεις τῶν παραγόντων, ὅπως τυπώθηκαν στὴ σελίδα τῆς ἐφημερίδας.

Ἡ συνέχεια τοῦ κειμένου καλύπτει τὴ στήλη μὲ πυκνὰ γράμματα σύμφωνα μὲ τὶς εἰδήσεις τῆς ἡμέρας, τὶς ἀνταποκρίσεις ἀπὸ τὶς ἐπαρχίες καὶ τὶς δηλώσεις τῶν παραγόντων, ὅπως τυπώθηκαν στὴ σελίδα τῆς ἐφημερίδας.

Ἡ συνέχεια τοῦ κειμένου καλύπτει τὴ στήλη μὲ πυκνὰ γράμματα σύμφωνα μὲ τὶς εἰδήσεις τῆς ἡμέρας, τὶς ἀνταποκρίσεις ἀπὸ τὶς ἐπαρχίες καὶ τὶς δηλώσεις τῶν παραγόντων, ὅπως τυπώθηκαν στὴ σελίδα τῆς ἐφημερίδας.

Ἡ συνέχεια τοῦ κειμένου καλύπτει τὴ στήλη μὲ πυκνὰ γράμματα σύμφωνα μὲ τὶς εἰδήσεις τῆς ἡμέρας, τὶς ἀνταποκρίσεις ἀπὸ τὶς ἐπαρχίες καὶ τὶς δηλώσεις τῶν παραγόντων, ὅπως τυπώθηκαν στὴ σελίδα τῆς ἐφημερίδας.

Ο ΝΑΥΑΡΧΟΣ ΡΟΝΤΙΟΝΩΦ ΔΕΧΘΗΚΕ ΤΗ ΔΙΟΙΚΗΣΗ ΤΟΥ ΕΛΛΗΝΟΣΟΒΙΕΤΙΚΟΥ

Ἡ συνέχεια τοῦ κειμένου καλύπτει τὴ στήλη μὲ πυκνὰ γράμματα σύμφωνα μὲ τὶς εἰδήσεις τῆς ἡμέρας, τὶς ἀνταποκρίσεις ἀπὸ τὶς ἐπαρχίες καὶ τὶς δηλώσεις τῶν παραγόντων, ὅπως τυπώθηκαν στὴ σελίδα τῆς ἐφημερίδας.

Ἡ συνέχεια τοῦ κειμένου καλύπτει τὴ στήλη μὲ πυκνὰ γράμματα σύμφωνα μὲ τὶς εἰδήσεις τῆς ἡμέρας, τὶς ἀνταποκρίσεις ἀπὸ τὶς ἐπαρχίες καὶ τὶς δηλώσεις τῶν παραγόντων, ὅπως τυπώθηκαν στὴ σελίδα τῆς ἐφημερίδας.

Ἡ συνέχεια τοῦ κειμένου καλύπτει τὴ στήλη μὲ πυκνὰ γράμματα σύμφωνα μὲ τὶς εἰδήσεις τῆς ἡμέρας, τὶς ἀνταποκρίσεις ἀπὸ τὶς ἐπαρχίες καὶ τὶς δηλώσεις τῶν παραγόντων, ὅπως τυπώθηκαν στὴ σελίδα τῆς ἐφημερίδας.

Ἡ συνέχεια τοῦ κειμένου καλύπτει τὴ στήλη μὲ πυκνὰ γράμματα σύμφωνα μὲ τὶς εἰδήσεις τῆς ἡμέρας, τὶς ἀνταποκρίσεις ἀπὸ τὶς ἐπαρχίες καὶ τὶς δηλώσεις τῶν παραγόντων, ὅπως τυπώθηκαν στὴ σελίδα τῆς ἐφημερίδας.

ΠΟΙΟΣ ΠΡΟΣΤΑΤΕΥΕΙ ΤΟΥΣ ΚΤΗΝΩΔΕΙΣ ΤΡΟΜΟΚΡΑΤΕΣ ΤΗΣ ΝΕΑΣ ΦΙΛΑΔΕΛΦΕΙΑΣ;
ΧΤΥΠΗΣΑΝ ΤΟ ΛΑΟ ΟΠΩΣ ΟΙ ΓΕΡΜΑΝΟΙ
ΝΕΟ ΜΠΛΟΚΟ ΧΘΕΣ ΣΤΟ Ν. ΦΑΛΗΡΟ

Ἡ συνέχεια τοῦ κειμένου καλύπτει τὴ στήλη μὲ πυκνὰ γράμματα σύμφωνα μὲ τὶς εἰδήσεις τῆς ἡμέρας, τὶς ἀνταποκρίσεις ἀπὸ τὶς ἐπαρχίες καὶ τὶς δηλώσεις τῶν παραγόντων, ὅπως τυπώθηκαν στὴ σελίδα τῆς ἐφημερίδας.

Ἡ συνέχεια τοῦ κειμένου καλύπτει τὴ στήλη μὲ πυκνὰ γράμματα σύμφωνα μὲ τὶς εἰδήσεις τῆς ἡμέρας, τὶς ἀνταποκρίσεις ἀπὸ τὶς ἐπαρχίες καὶ τὶς δηλώσεις τῶν παραγόντων, ὅπως τυπώθηκαν στὴ σελίδα τῆς ἐφημερίδας.

Ἡ συνέχεια τοῦ κειμένου καλύπτει τὴ στήλη μὲ πυκνὰ γράμματα σύμφωνα μὲ τὶς εἰδήσεις τῆς ἡμέρας, τὶς ἀνταποκρίσεις ἀπὸ τὶς ἐπαρχίες καὶ τὶς δηλώσεις τῶν παραγόντων, ὅπως τυπώθηκαν στὴ σελίδα τῆς ἐφημερίδας.

Ἡ συνέχεια τοῦ κειμένου καλύπτει τὴ στήλη μὲ πυκνὰ γράμματα σύμφωνα μὲ τὶς εἰδήσεις τῆς ἡμέρας, τὶς ἀνταποκρίσεις ἀπὸ τὶς ἐπαρχίες καὶ τὶς δηλώσεις τῶν παραγόντων, ὅπως τυπώθηκαν στὴ σελίδα τῆς ἐφημερίδας.

Ἡ συνέχεια τοῦ κειμένου καλύπτει τὴ στήλη μὲ πυκνὰ γράμματα σύμφωνα μὲ τὶς εἰδήσεις τῆς ἡμέρας, τὶς ἀνταποκρίσεις ἀπὸ τὶς ἐπαρχίες καὶ τὶς δηλώσεις τῶν παραγόντων, ὅπως τυπώθηκαν στὴ σελίδα τῆς ἐφημερίδας.

Ἡ συνέχεια τοῦ κειμένου καλύπτει τὴ στήλη μὲ πυκνὰ γράμματα σύμφωνα μὲ τὶς εἰδήσεις τῆς ἡμέρας, τὶς ἀνταποκρίσεις ἀπὸ τὶς ἐπαρχίες καὶ τὶς δηλώσεις τῶν παραγόντων, ὅπως τυπώθηκαν στὴ σελίδα τῆς ἐφημερίδας.

Ἡ συνέχεια τοῦ κειμένου καλύπτει τὴ στήλη μὲ πυκνὰ γράμματα σύμφωνα μὲ τὶς εἰδήσεις τῆς ἡμέρας, τὶς ἀνταποκρίσεις ἀπὸ τὶς ἐπαρχίες καὶ τὶς δηλώσεις τῶν παραγόντων, ὅπως τυπώθηκαν στὴ σελίδα τῆς ἐφημερίδας.

Θ. ΧΟΥΣΙΑΔΗΣ
Ὁ σ. Μανουΐλσκυ ἐξελέγη χθὲς πρόεδρος τῆς ἐπιτροπῆς ἀσφαλείας

Ἡ συνέχεια τοῦ κειμένου καλύπτει τὴ στήλη μὲ πυκνὰ γράμματα σύμφωνα μὲ τὶς εἰδήσεις τῆς ἡμέρας, τὶς ἀνταποκρίσεις ἀπὸ τὶς ἐπαρχίες καὶ τὶς δηλώσεις τῶν παραγόντων, ὅπως τυπώθηκαν στὴ σελίδα τῆς ἐφημερίδας.

Ἡ συνέχεια τοῦ κειμένου καλύπτει τὴ στήλη μὲ πυκνὰ γράμματα σύμφωνα μὲ τὶς εἰδήσεις τῆς ἡμέρας, τὶς ἀνταποκρίσεις ἀπὸ τὶς ἐπαρχίες καὶ τὶς δηλώσεις τῶν παραγόντων, ὅπως τυπώθηκαν στὴ σελίδα τῆς ἐφημερίδας.

Ἡ συνέχεια τοῦ κειμένου καλύπτει τὴ στήλη μὲ πυκνὰ γράμματα σύμφωνα μὲ τὶς εἰδήσεις τῆς ἡμέρας, τὶς ἀνταποκρίσεις ἀπὸ τὶς ἐπαρχίες καὶ τὶς δηλώσεις τῶν παραγόντων, ὅπως τυπώθηκαν στὴ σελίδα τῆς ἐφημερίδας.

Ἡ συνέχεια τοῦ κειμένου καλύπτει τὴ στήλη μὲ πυκνὰ γράμματα σύμφωνα μὲ τὶς εἰδήσεις τῆς ἡμέρας, τὶς ἀνταποκρίσεις ἀπὸ τὶς ἐπαρχίες καὶ τὶς δηλώσεις τῶν παραγόντων, ὅπως τυπώθηκαν στὴ σελίδα τῆς ἐφημερίδας.
